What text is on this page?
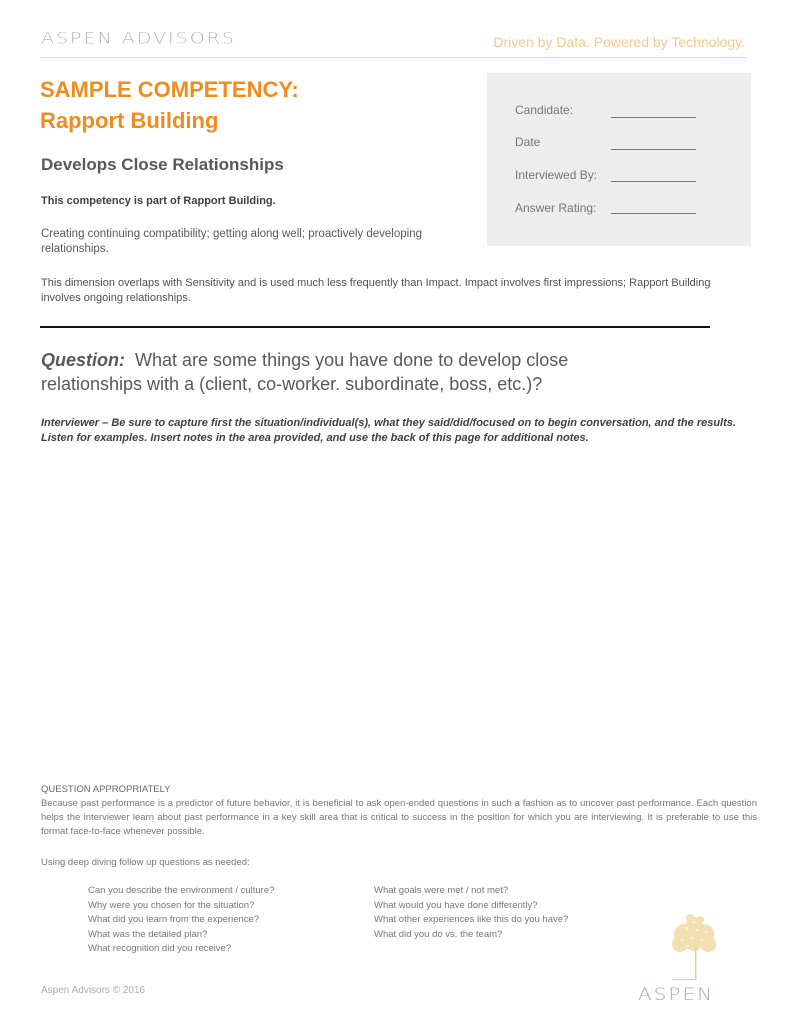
ASPEN ADVISORS	Driven by Data. Powered by Technology.
SAMPLE COMPETENCY:
Rapport Building	Candidate:
Date
Interviewed By:
Answer Rating:
Develops Close Relationships
This competency is part of Rapport Building.
Creating continuing compatibility; getting along well; proactively developing relationships.
This dimension overlaps with Sensitivity and is used much less frequently than Impact. Impact involves first impressions; Rapport Building involves ongoing relationships.
Question: What are some things you have done to develop close relationships with a (client, co-worker. subordinate, boss, etc.)?
Interviewer – Be sure to capture first the situation/individual(s), what they said/did/focused on to begin conversation, and the results. Listen for examples. Insert notes in the area provided, and use the back of this page for additional notes.
QUESTION APPROPRIATELY
Because past performance is a predictor of future behavior, it is beneficial to ask open-ended questions in such a fashion as to uncover past performance. Each question helps the interviewer learn about past performance in a key skill area that is critical to success in the position for which you are interviewing. It is preferable to use this format face-to-face whenever possible.
Using deep diving follow up questions as needed:
Can you describe the environment / culture?
Why were you chosen for the situation?
What did you learn from the experience?
What was the detailed plan?
What recognition did you receive?
What goals were met / not met?
What would you have done differently?
What other experiences like this do you have?
What did you do vs. the team?
Aspen Advisors © 2016	ASPEN
